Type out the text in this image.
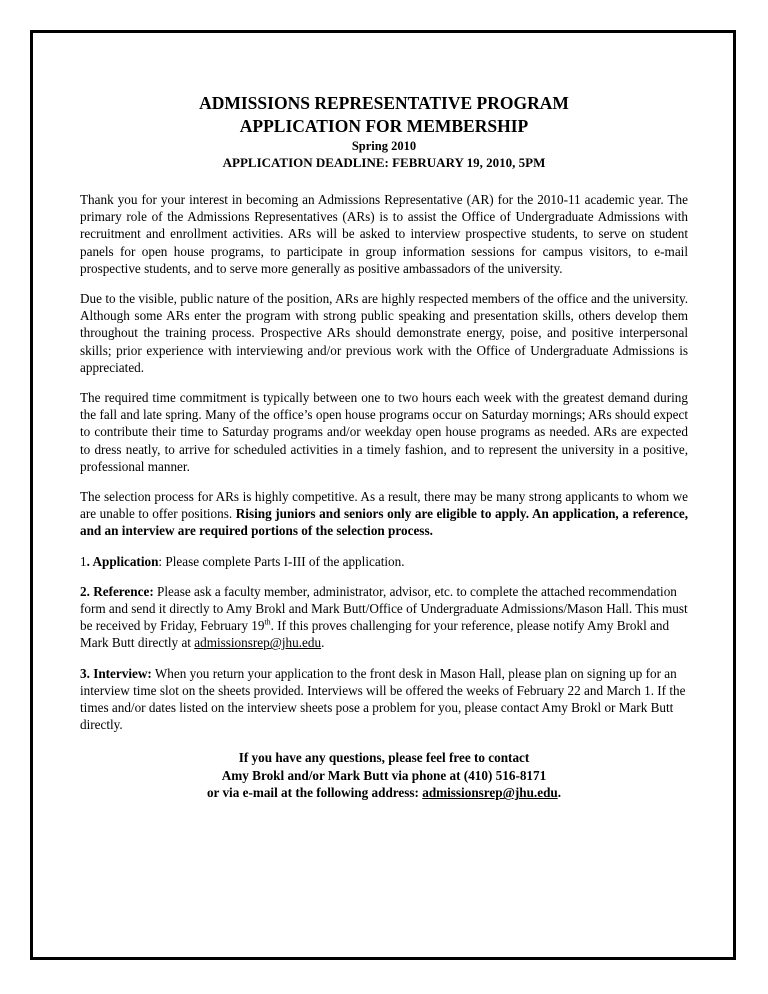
ADMISSIONS REPRESENTATIVE PROGRAM

APPLICATION FOR MEMBERSHIP

Spring 2010

APPLICATION DEADLINE: FEBRUARY 19, 2010, 5PM

Thank you for your interest in becoming an Admissions Representative (AR) for the 2010-11 academic year. The primary role of the Admissions Representatives (ARs) is to assist the Office of Undergraduate Admissions with recruitment and enrollment activities. ARs will be asked to interview prospective students, to serve on student panels for open house programs, to participate in group information sessions for campus visitors, to e-mail prospective students, and to serve more generally as positive ambassadors of the university.

Due to the visible, public nature of the position, ARs are highly respected members of the office and the university. Although some ARs enter the program with strong public speaking and presentation skills, others develop them throughout the training process. Prospective ARs should demonstrate energy, poise, and positive interpersonal skills; prior experience with interviewing and/or previous work with the Office of Undergraduate Admissions is appreciated.

The required time commitment is typically between one to two hours each week with the greatest demand during the fall and late spring. Many of the office’s open house programs occur on Saturday mornings; ARs should expect to contribute their time to Saturday programs and/or weekday open house programs as needed. ARs are expected to dress neatly, to arrive for scheduled activities in a timely fashion, and to represent the university in a positive, professional manner.

The selection process for ARs is highly competitive. As a result, there may be many strong applicants to whom we are unable to offer positions. Rising juniors and seniors only are eligible to apply. An application, a reference, and an interview are required portions of the selection process.

1. Application: Please complete Parts I-III of the application.

2. Reference: Please ask a faculty member, administrator, advisor, etc. to complete the attached recommendation form and send it directly to Amy Brokl and Mark Butt/Office of Undergraduate Admissions/Mason Hall. This must be received by Friday, February 19th. If this proves challenging for your reference, please notify Amy Brokl and Mark Butt directly at admissionsrep@jhu.edu.

3. Interview: When you return your application to the front desk in Mason Hall, please plan on signing up for an interview time slot on the sheets provided. Interviews will be offered the weeks of February 22 and March 1. If the times and/or dates listed on the interview sheets pose a problem for you, please contact Amy Brokl or Mark Butt directly.

If you have any questions, please feel free to contact
Amy Brokl and/or Mark Butt via phone at (410) 516-8171
or via e-mail at the following address: admissionsrep@jhu.edu.
